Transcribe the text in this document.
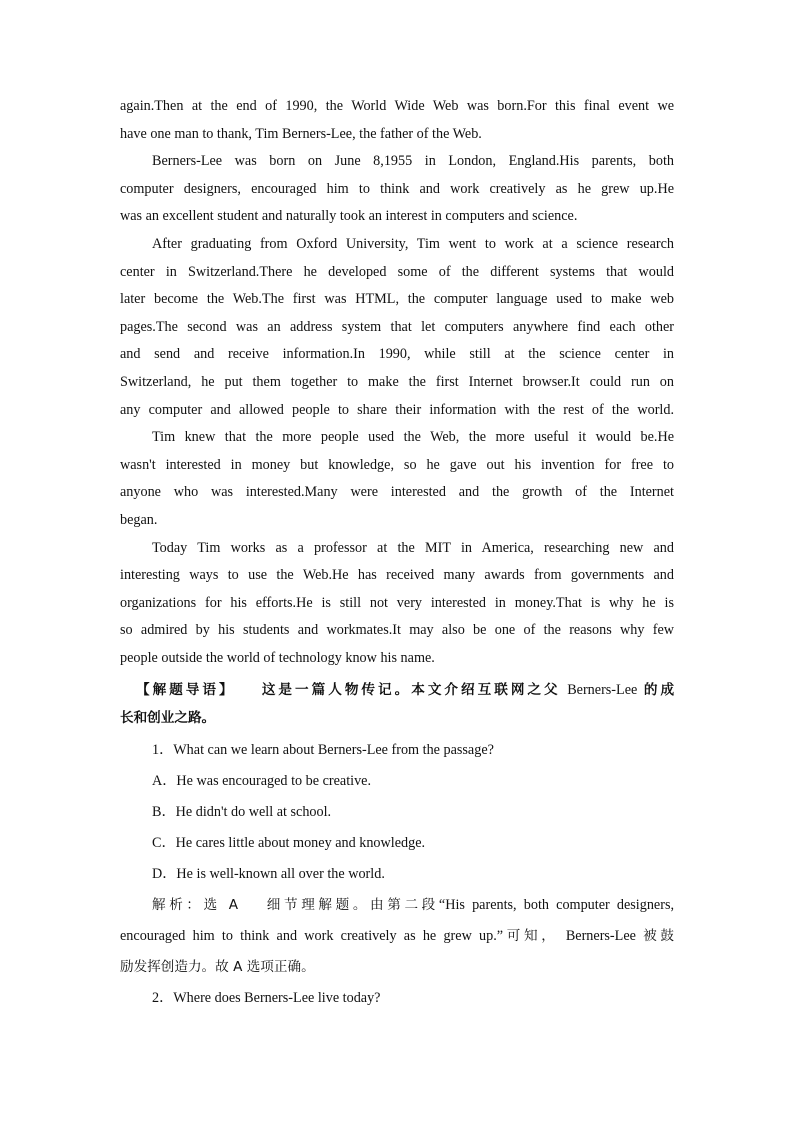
again.Then at the end of 1990, the World Wide Web was born.For this final event we
have one man to thank, Tim Berners-Lee, the father of the Web.

Berners-Lee was born on June 8,1955 in London, England.His parents, both
computer designers, encouraged him to think and work creatively as he grew up.He
was an excellent student and naturally took an interest in computers and science.

After graduating from Oxford University, Tim went to work at a science research
center in Switzerland.There he developed some of the different systems that would
later become the Web.The first was HTML, the computer language used to make web
pages.The second was an address system that let computers anywhere find each other
and send and receive information.In 1990, while still at the science center in
Switzerland, he put them together to make the first Internet browser.It could run on
any computer and allowed people to share their information with the rest of the world.

Tim knew that the more people used the Web, the more useful it would be.He
wasn't interested in money but knowledge, so he gave out his invention for free to
anyone who was interested.Many were interested and the growth of the Internet
began.

Today Tim works as a professor at the MIT in America, researching new and
interesting ways to use the Web.He has received many awards from governments and
organizations for his efforts.He is still not very interested in money.That is why he is
so admired by his students and workmates.It may also be one of the reasons why few
people outside the world of technology know his name.

【解题导语】 这是一篇人物传记。本文介绍互联网之父 Berners-Lee 的成
长和创业之路。

1．What can we learn about Berners-Lee from the passage?

A．He was encouraged to be creative.

B．He didn't do well at school.

C．He cares little about money and knowledge.

D．He is well-known all over the world.

解析：选 A 细节理解题。由第二段“His parents, both computer designers,
encouraged him to think and work creatively as he grew up.”可知， Berners-Lee 被鼓
励发挥创造力。故 A 选项正确。

2．Where does Berners-Lee live today?
